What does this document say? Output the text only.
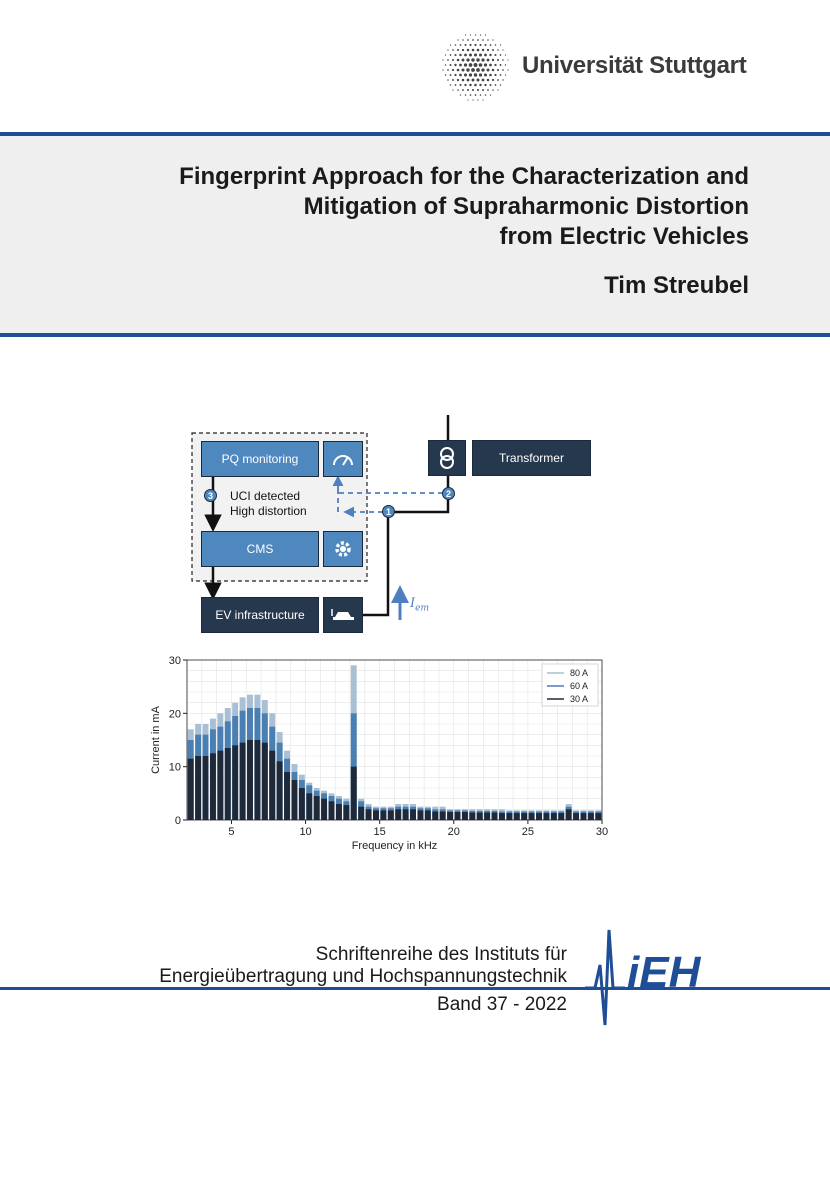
Universität Stuttgart
Fingerprint Approach for the Characterization and
Mitigation of Supraharmonic Distortion
from Electric Vehicles
Tim Streubel
PQ monitoring
CMS
EV infrastructure
Transformer
3	2
1
UCI detected
High distortion
$I_{em}$
5	10	15	20	25	30
0
10
20
30
Frequency in kHz
Current in mA
80 A
60 A
30 A
Schriftenreihe des Instituts für
Energieübertragung und Hochspannungstechnik
Band 37 - 2022
iEH
